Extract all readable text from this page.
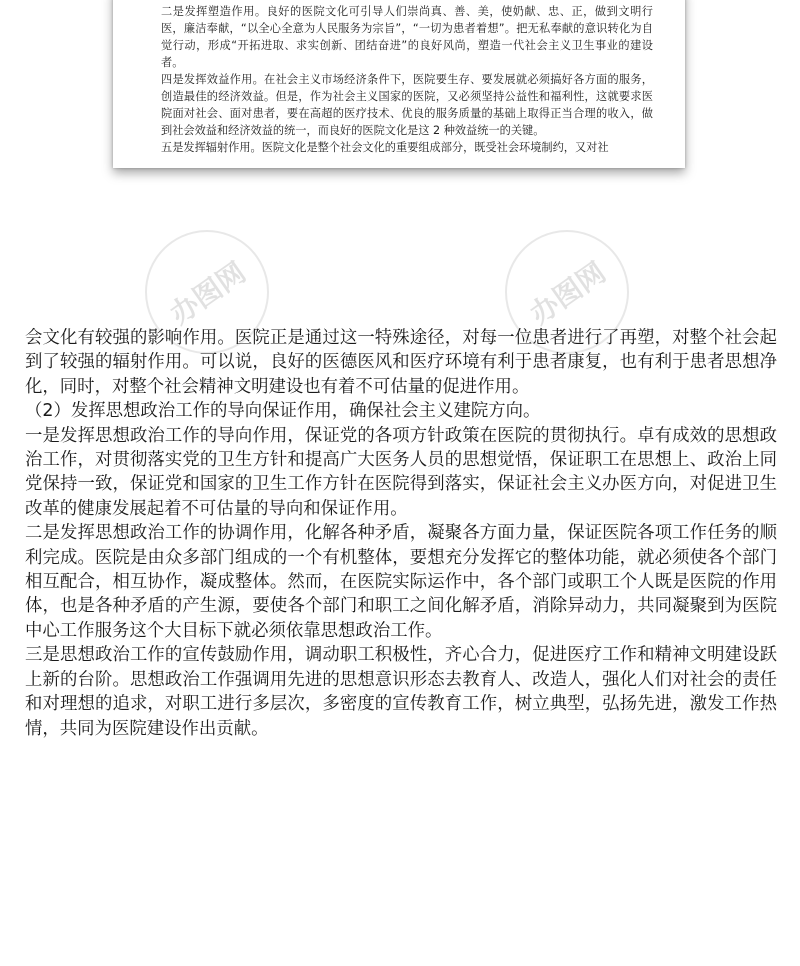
二是发挥塑造作用。良好的医院文化可引导人们崇尚真、善、美，使奶献、忠、正，做到文明行医，廉洁奉献，“以全心全意为人民服务为宗旨”，“一切为患者着想”。把无私奉献的意识转化为自觉行动，形成“开拓进取、求实创新、团结奋进”的良好风尚，塑造一代社会主义卫生事业的建设者。

四是发挥效益作用。在社会主义市场经济条件下，医院要生存、要发展就必须搞好各方面的服务，创造最佳的经济效益。但是，作为社会主义国家的医院，又必须坚持公益性和福利性，这就要求医院面对社会、面对患者，要在高超的医疗技术、优良的服务质量的基础上取得正当合理的收入，做到社会效益和经济效益的统一，而良好的医院文化是这 2 种效益统一的关键。

五是发挥辐射作用。医院文化是整个社会文化的重要组成部分，既受社会环境制约，又对社

办图网	办图网

会文化有较强的影响作用。医院正是通过这一特殊途径，对每一位患者进行了再塑，对整个社会起到了较强的辐射作用。可以说，良好的医德医风和医疗环境有利于患者康复，也有利于患者思想净化，同时，对整个社会精神文明建设也有着不可估量的促进作用。

（2）发挥思想政治工作的导向保证作用，确保社会主义建院方向。

一是发挥思想政治工作的导向作用，保证党的各项方针政策在医院的贯彻执行。卓有成效的思想政治工作，对贯彻落实党的卫生方针和提高广大医务人员的思想觉悟，保证职工在思想上、政治上同党保持一致，保证党和国家的卫生工作方针在医院得到落实，保证社会主义办医方向，对促进卫生改革的健康发展起着不可估量的导向和保证作用。

二是发挥思想政治工作的协调作用，化解各种矛盾，凝聚各方面力量，保证医院各项工作任务的顺利完成。医院是由众多部门组成的一个有机整体，要想充分发挥它的整体功能，就必须使各个部门相互配合，相互协作，凝成整体。然而，在医院实际运作中，各个部门或职工个人既是医院的作用体，也是各种矛盾的产生源，要使各个部门和职工之间化解矛盾，消除异动力，共同凝聚到为医院中心工作服务这个大目标下就必须依靠思想政治工作。

三是思想政治工作的宣传鼓励作用，调动职工积极性，齐心合力，促进医疗工作和精神文明建设跃上新的台阶。思想政治工作强调用先进的思想意识形态去教育人、改造人，强化人们对社会的责任和对理想的追求，对职工进行多层次，多密度的宣传教育工作，树立典型，弘扬先进，激发工作热情，共同为医院建设作出贡献。
